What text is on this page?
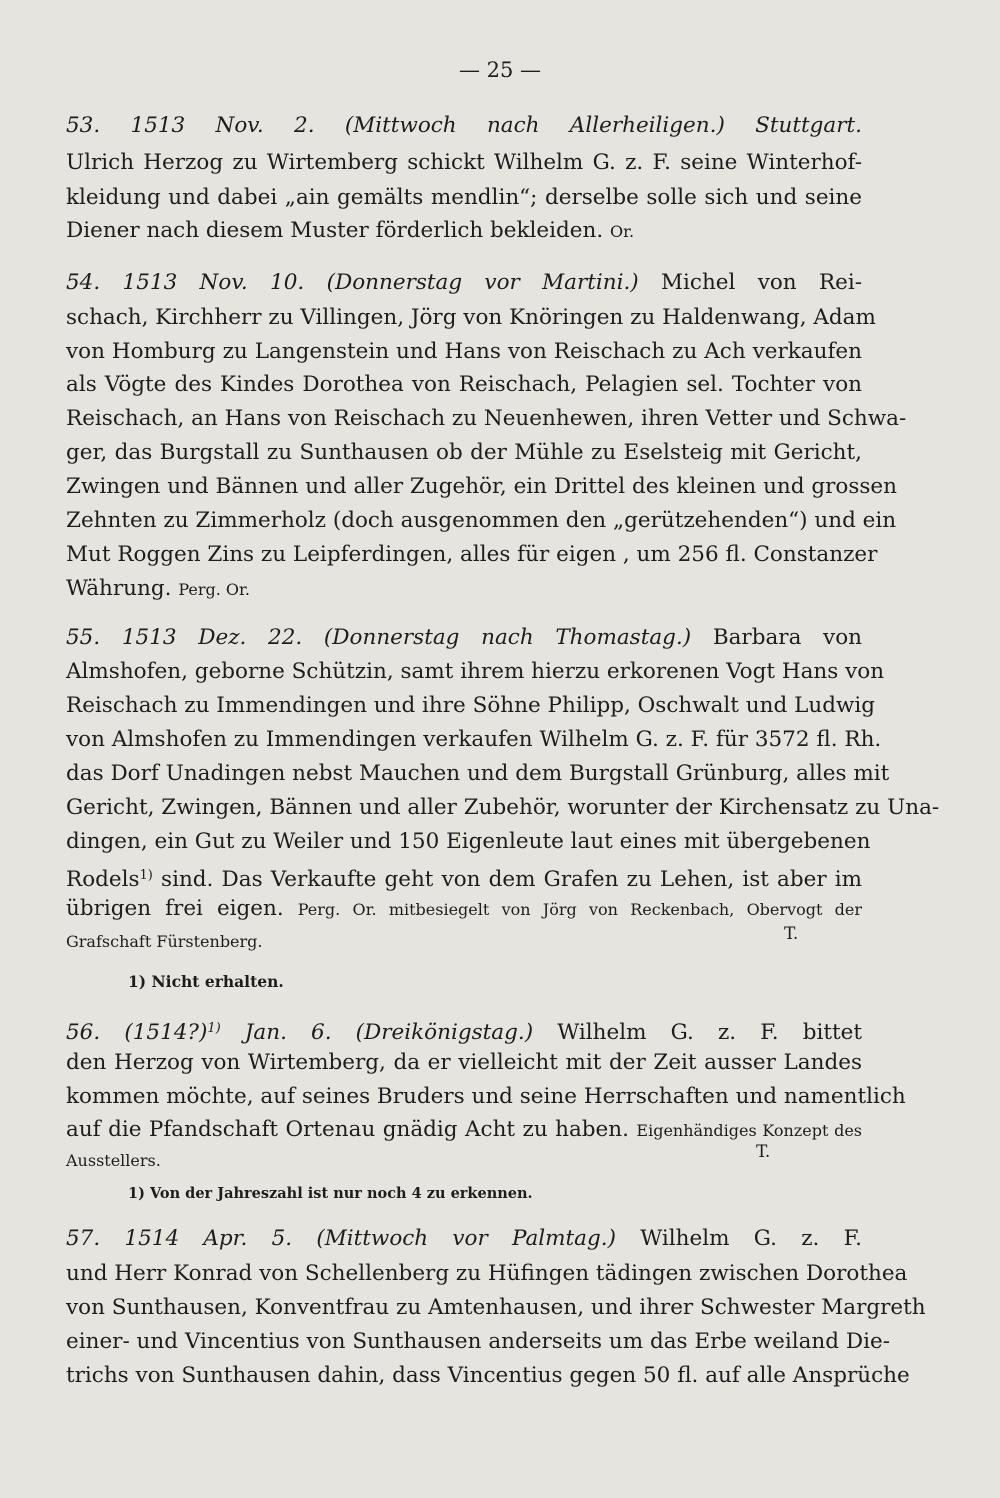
— 25 —
53. 1513 Nov. 2. (Mittwoch nach Allerheiligen.) Stuttgart.
Ulrich Herzog zu Wirtemberg schickt Wilhelm G. z. F. seine Winterhof-
kleidung und dabei „ain gemälts mendlin“; derselbe solle sich und seine
Diener nach diesem Muster förderlich bekleiden. Or.
54. 1513 Nov. 10. (Donnerstag vor Martini.) Michel von Rei-
schach, Kirchherr zu Villingen, Jörg von Knöringen zu Haldenwang, Adam
von Homburg zu Langenstein und Hans von Reischach zu Ach verkaufen
als Vögte des Kindes Dorothea von Reischach, Pelagien sel. Tochter von
Reischach, an Hans von Reischach zu Neuenhewen, ihren Vetter und Schwa-
ger, das Burgstall zu Sunthausen ob der Mühle zu Eselsteig mit Gericht,
Zwingen und Bännen und aller Zugehör, ein Drittel des kleinen und grossen
Zehnten zu Zimmerholz (doch ausgenommen den „gerützehenden“) und ein
Mut Roggen Zins zu Leipferdingen, alles für eigen , um 256 fl. Constanzer
Währung. Perg. Or.
55. 1513 Dez. 22. (Donnerstag nach Thomastag.) Barbara von
Almshofen, geborne Schützin, samt ihrem hierzu erkorenen Vogt Hans von
Reischach zu Immendingen und ihre Söhne Philipp, Oschwalt und Ludwig
von Almshofen zu Immendingen verkaufen Wilhelm G. z. F. für 3572 fl. Rh.
das Dorf Unadingen nebst Mauchen und dem Burgstall Grünburg, alles mit
Gericht, Zwingen, Bännen und aller Zubehör, worunter der Kirchensatz zu Una-
dingen, ein Gut zu Weiler und 150 Eigenleute laut eines mit übergebenen
Rodels$^{1)}$ sind. Das Verkaufte geht von dem Grafen zu Lehen, ist aber im
übrigen frei eigen. Perg. Or. mitbesiegelt von Jörg von Reckenbach, Obervogt der
Grafschaft Fürstenberg.	T.
1) Nicht erhalten.
56. (1514?)$^{1)}$ Jan. 6. (Dreikönigstag.) Wilhelm G. z. F. bittet
den Herzog von Wirtemberg, da er vielleicht mit der Zeit ausser Landes
kommen möchte, auf seines Bruders und seine Herrschaften und namentlich
auf die Pfandschaft Ortenau gnädig Acht zu haben. Eigenhändiges Konzept des
Ausstellers.	T.
1) Von der Jahreszahl ist nur noch 4 zu erkennen.
57. 1514 Apr. 5. (Mittwoch vor Palmtag.) Wilhelm G. z. F.
und Herr Konrad von Schellenberg zu Hüfingen tädingen zwischen Dorothea
von Sunthausen, Konventfrau zu Amtenhausen, und ihrer Schwester Margreth
einer- und Vincentius von Sunthausen anderseits um das Erbe weiland Die-
trichs von Sunthausen dahin, dass Vincentius gegen 50 fl. auf alle Ansprüche
